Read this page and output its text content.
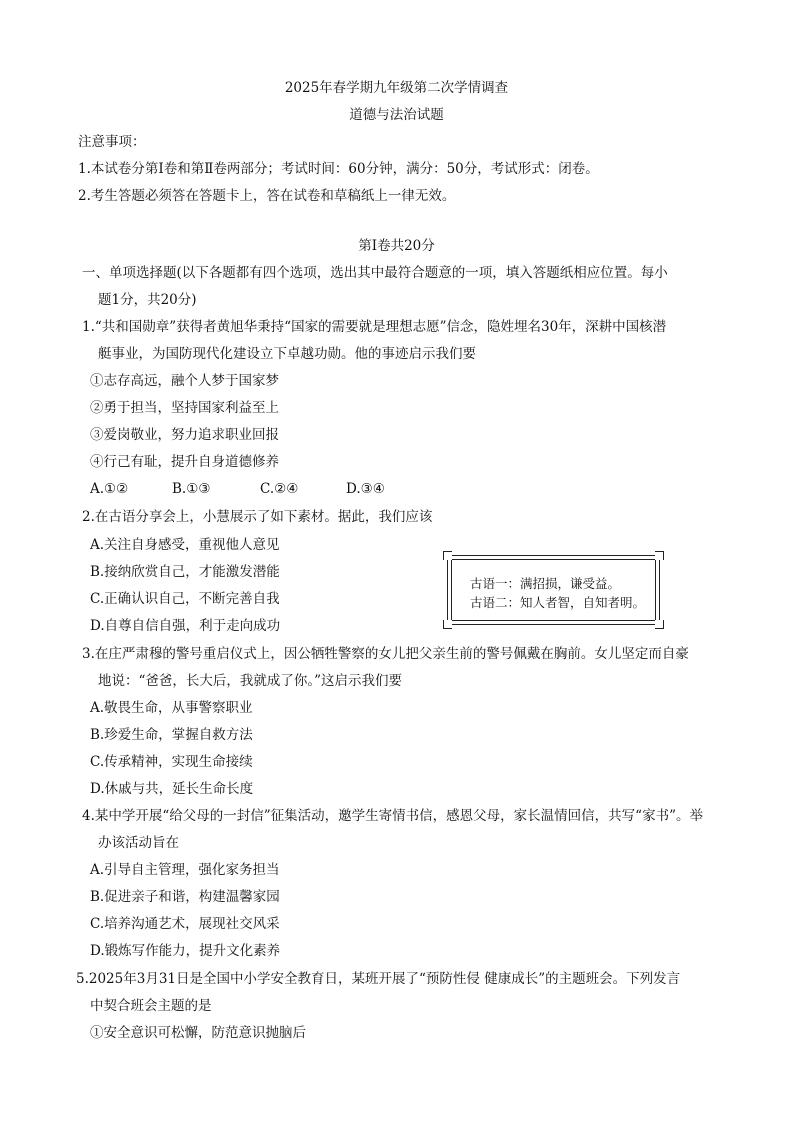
2025年春学期九年级第二次学情调查
道德与法治试题
注意事项：
1.本试卷分第Ⅰ卷和第Ⅱ卷两部分；考试时间：60分钟，满分：50分，考试形式：闭卷。
2.考生答题必须答在答题卡上，答在试卷和草稿纸上一律无效。
第Ⅰ卷共20分
一、单项选择题(以下各题都有四个选项，选出其中最符合题意的一项，填入答题纸相应位置。每小
题1分，共20分)
1.“共和国勋章”获得者黄旭华秉持“国家的需要就是理想志愿”信念，隐姓埋名30年，深耕中国核潜
艇事业，为国防现代化建设立下卓越功勋。他的事迹启示我们要
①志存高远，融个人梦于国家梦
②勇于担当，坚持国家利益至上
③爱岗敬业，努力追求职业回报
④行己有耻，提升自身道德修养
A.①②	B.①③	C.②④	D.③④
2.在古语分享会上，小慧展示了如下素材。据此，我们应该
A.关注自身感受，重视他人意见
B.接纳欣赏自己，才能激发潜能
C.正确认识自己，不断完善自我
D.自尊自信自强，利于走向成功
古语一：满招损，谦受益。
古语二：知人者智，自知者明。
3.在庄严肃穆的警号重启仪式上，因公牺牲警察的女儿把父亲生前的警号佩戴在胸前。女儿坚定而自豪
地说：“爸爸，长大后，我就成了你。”这启示我们要
A.敬畏生命，从事警察职业
B.珍爱生命，掌握自救方法
C.传承精神，实现生命接续
D.休戚与共，延长生命长度
4.某中学开展“给父母的一封信”征集活动，邀学生寄情书信，感恩父母，家长温情回信，共写“家书”。举
办该活动旨在
A.引导自主管理，强化家务担当
B.促进亲子和谐，构建温馨家园
C.培养沟通艺术，展现社交风采
D.锻炼写作能力，提升文化素养
5.2025年3月31日是全国中小学安全教育日，某班开展了“预防性侵 健康成长”的主题班会。下列发言
中契合班会主题的是
①安全意识可松懈，防范意识抛脑后
